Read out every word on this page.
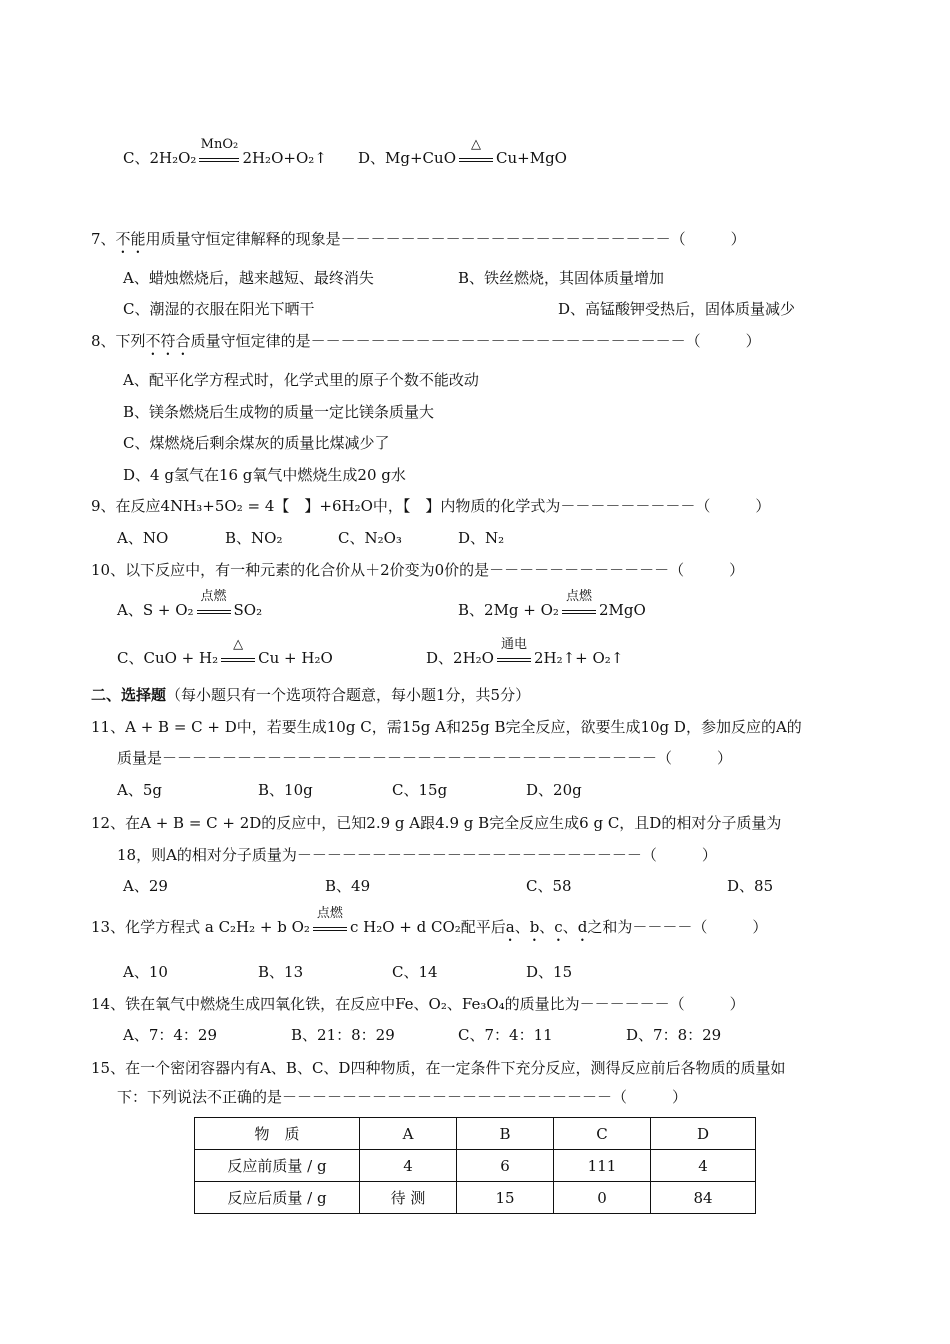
C、2H₂O₂
MnO₂
2H₂O+O₂↑ D、Mg+CuO
△
Cu+MgO
7、不能用质量守恒定律解释的现象是－－－－－－－－－－－－－－－－－－－－－－（　　　）
A、蜡烛燃烧后，越来越短、最终消失	B、铁丝燃烧，其固体质量增加
C、潮湿的衣服在阳光下晒干	D、高锰酸钾受热后，固体质量减少
8、下列不符合质量守恒定律的是－－－－－－－－－－－－－－－－－－－－－－－－－（　　　）
A、配平化学方程式时，化学式里的原子个数不能改动
B、镁条燃烧后生成物的质量一定比镁条质量大
C、煤燃烧后剩余煤灰的质量比煤减少了
D、4 g氢气在16 g氧气中燃烧生成20 g水
9、在反应4NH₃+5O₂ = 4【　】+6H₂O中，【　】内物质的化学式为－－－－－－－－－（　　　）
A、NO	B、NO₂	C、N₂O₃	D、N₂
10、以下反应中，有一种元素的化合价从＋2价变为0价的是－－－－－－－－－－－－（　　　）
A、S + O₂
点燃
SO₂	B、2Mg + O₂
点燃
2MgO
C、CuO + H₂
△
Cu + H₂O	D、2H₂O
通电
2H₂↑+ O₂↑
二、选择题（每小题只有一个选项符合题意，每小题1分，共5分）
11、A + B = C + D中，若要生成10g C，需15g A和25g B完全反应，欲要生成10g D，参加反应的A的
质量是－－－－－－－－－－－－－－－－－－－－－－－－－－－－－－－－－（　　　）
A、5g	B、10g	C、15g	D、20g
12、在A + B = C + 2D的反应中，已知2.9 g A跟4.9 g B完全反应生成6 g C，且D的相对分子质量为
18，则A的相对分子质量为－－－－－－－－－－－－－－－－－－－－－－－（　　　）
A、29	B、49	C、58	D、85
13、化学方程式 a C₂H₂ + b O₂
点燃
c H₂O + d CO₂配平后a、b、c、d之和为－－－－（　　　）
A、10	B、13	C、14	D、15
14、铁在氧气中燃烧生成四氧化铁，在反应中Fe、O₂、Fe₃O₄的质量比为－－－－－－（　　　）
A、7：4：29	B、21：8：29	C、7：4：11	D、7：8：29
15、在一个密闭容器内有A、B、C、D四种物质，在一定条件下充分反应，测得反应前后各物质的质量如
下：下列说法不正确的是－－－－－－－－－－－－－－－－－－－－－－（　　　）
物　质	A	B	C	D
反应前质量 / g	4	6	111	4
反应后质量 / g	待 测	15	0	84
